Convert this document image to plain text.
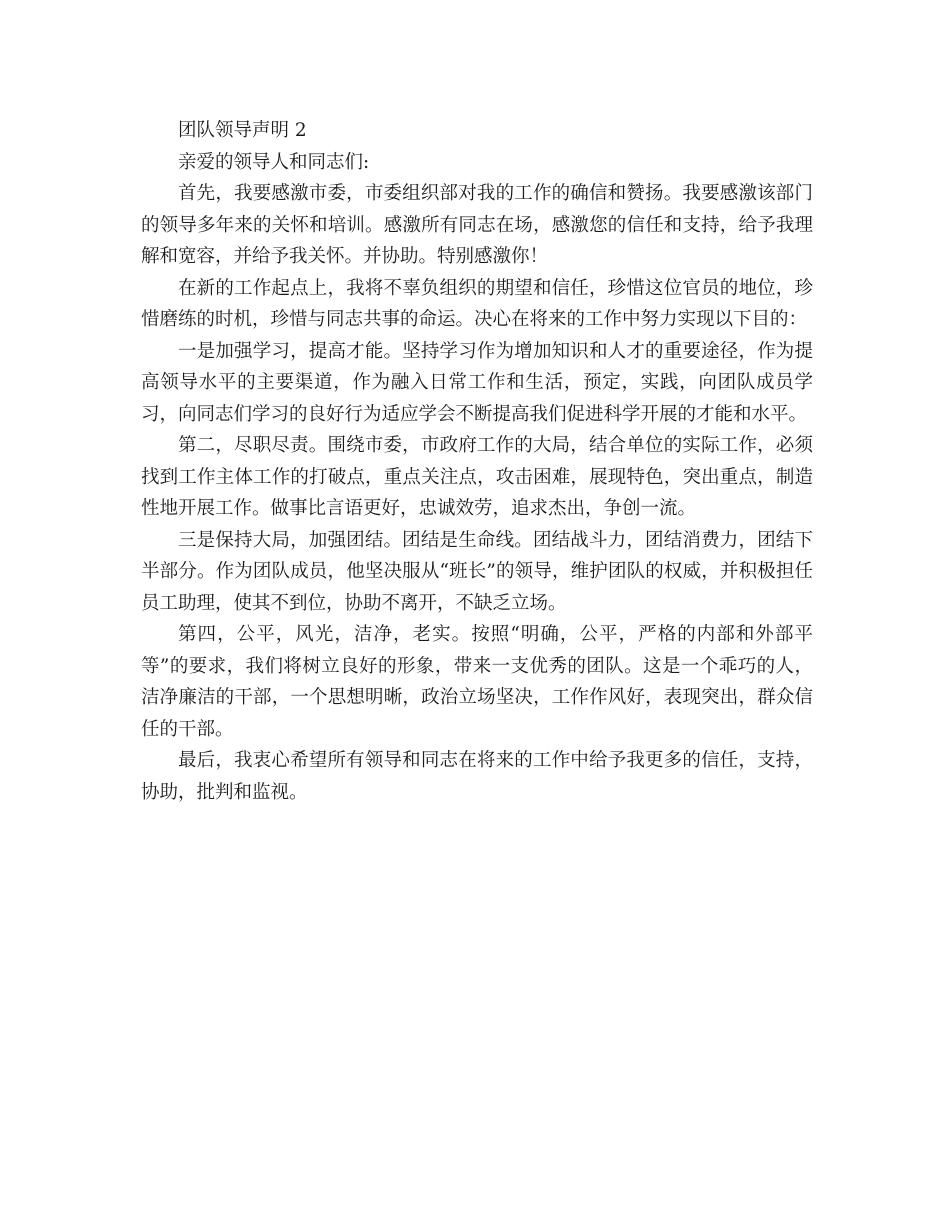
团队领导声明 2

亲爱的领导人和同志们:

首先，我要感激市委，市委组织部对我的工作的确信和赞扬。我要感激该部门的领导多年来的关怀和培训。感激所有同志在场，感激您的信任和支持，给予我理解和宽容，并给予我关怀。并协助。特别感激你！

在新的工作起点上，我将不辜负组织的期望和信任，珍惜这位官员的地位，珍惜磨练的时机，珍惜与同志共事的命运。决心在将来的工作中努力实现以下目的：

一是加强学习，提高才能。坚持学习作为增加知识和人才的重要途径，作为提高领导水平的主要渠道，作为融入日常工作和生活，预定，实践，向团队成员学习，向同志们学习的良好行为适应学会不断提高我们促进科学开展的才能和水平。

第二，尽职尽责。围绕市委，市政府工作的大局，结合单位的实际工作，必须找到工作主体工作的打破点，重点关注点，攻击困难，展现特色，突出重点，制造性地开展工作。做事比言语更好，忠诚效劳，追求杰出，争创一流。

三是保持大局，加强团结。团结是生命线。团结战斗力，团结消费力，团结下半部分。作为团队成员，他坚决服从“班长”的领导，维护团队的权威，并积极担任员工助理，使其不到位，协助不离开，不缺乏立场。

第四，公平，风光，洁净，老实。按照“明确，公平，严格的内部和外部平等”的要求，我们将树立良好的形象，带来一支优秀的团队。这是一个乖巧的人，洁净廉洁的干部，一个思想明晰，政治立场坚决，工作作风好，表现突出，群众信任的干部。

最后，我衷心希望所有领导和同志在将来的工作中给予我更多的信任，支持，协助，批判和监视。
